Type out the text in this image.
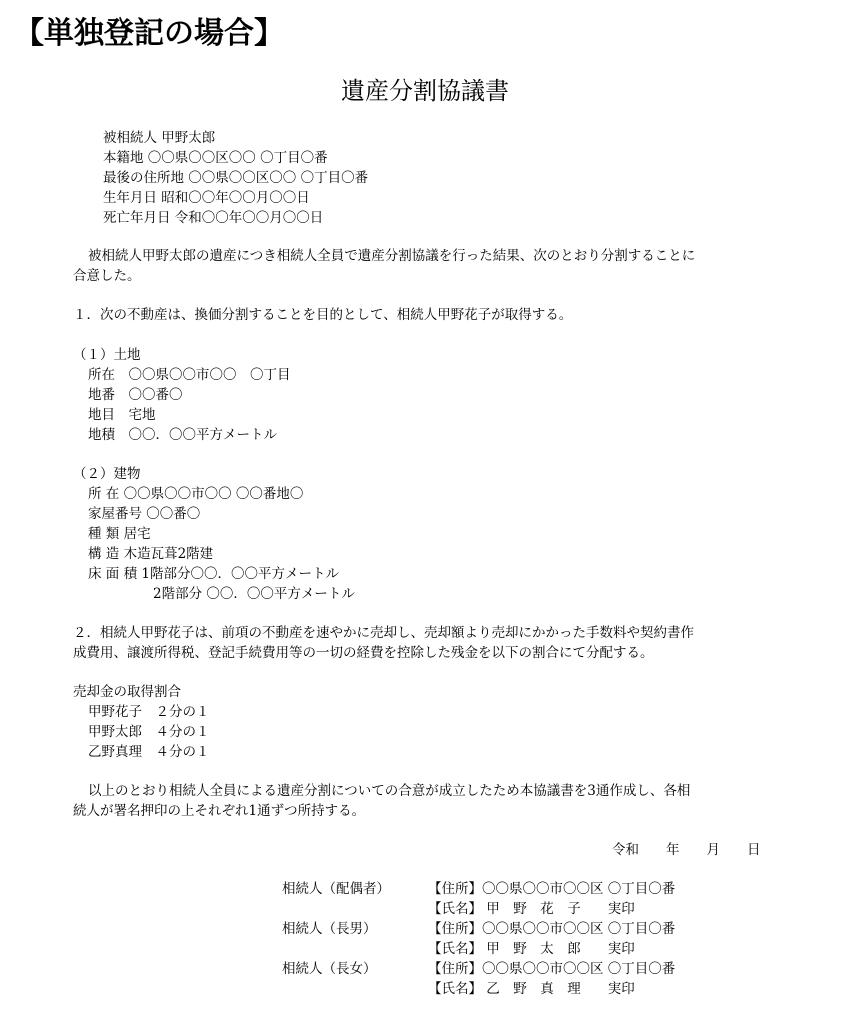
【単独登記の場合】
遺産分割協議書
被相続人 甲野太郎
本籍地 〇〇県〇〇区〇〇 〇丁目〇番
最後の住所地 〇〇県〇〇区〇〇 〇丁目〇番
生年月日 昭和〇〇年〇〇月〇〇日
死亡年月日 令和〇〇年〇〇月〇〇日
被相続人甲野太郎の遺産につき相続人全員で遺産分割協議を行った結果、次のとおり分割することに
合意した。
１．次の不動産は、換価分割することを目的として、相続人甲野花子が取得する。
（１）土地
所在　〇〇県〇〇市〇〇　〇丁目
地番　〇〇番〇
地目　宅地
地積　〇〇．〇〇平方メートル
（２）建物
所 在 〇〇県〇〇市〇〇 〇〇番地〇
家屋番号 〇〇番〇
種 類 居宅
構 造 木造瓦葺2階建
床 面 積 1階部分〇〇．〇〇平方メートル
2階部分 〇〇．〇〇平方メートル
２．相続人甲野花子は、前項の不動産を速やかに売却し、売却額より売却にかかった手数料や契約書作
成費用、譲渡所得税、登記手続費用等の一切の経費を控除した残金を以下の割合にて分配する。
売却金の取得割合
甲野花子　２分の１
甲野太郎　４分の１
乙野真理　４分の１
以上のとおり相続人全員による遺産分割についての合意が成立したため本協議書を3通作成し、各相
続人が署名押印の上それぞれ1通ずつ所持する。
令和　　年　　月　　日
相続人（配偶者）	【住所】〇〇県〇〇市〇〇区 〇丁目〇番
【氏名】 甲　野　花　子　　実印
相続人（長男）	【住所】〇〇県〇〇市〇〇区 〇丁目〇番
【氏名】 甲　野　太　郎　　実印
相続人（長女）	【住所】〇〇県〇〇市〇〇区 〇丁目〇番
【氏名】 乙　野　真　理　　実印
